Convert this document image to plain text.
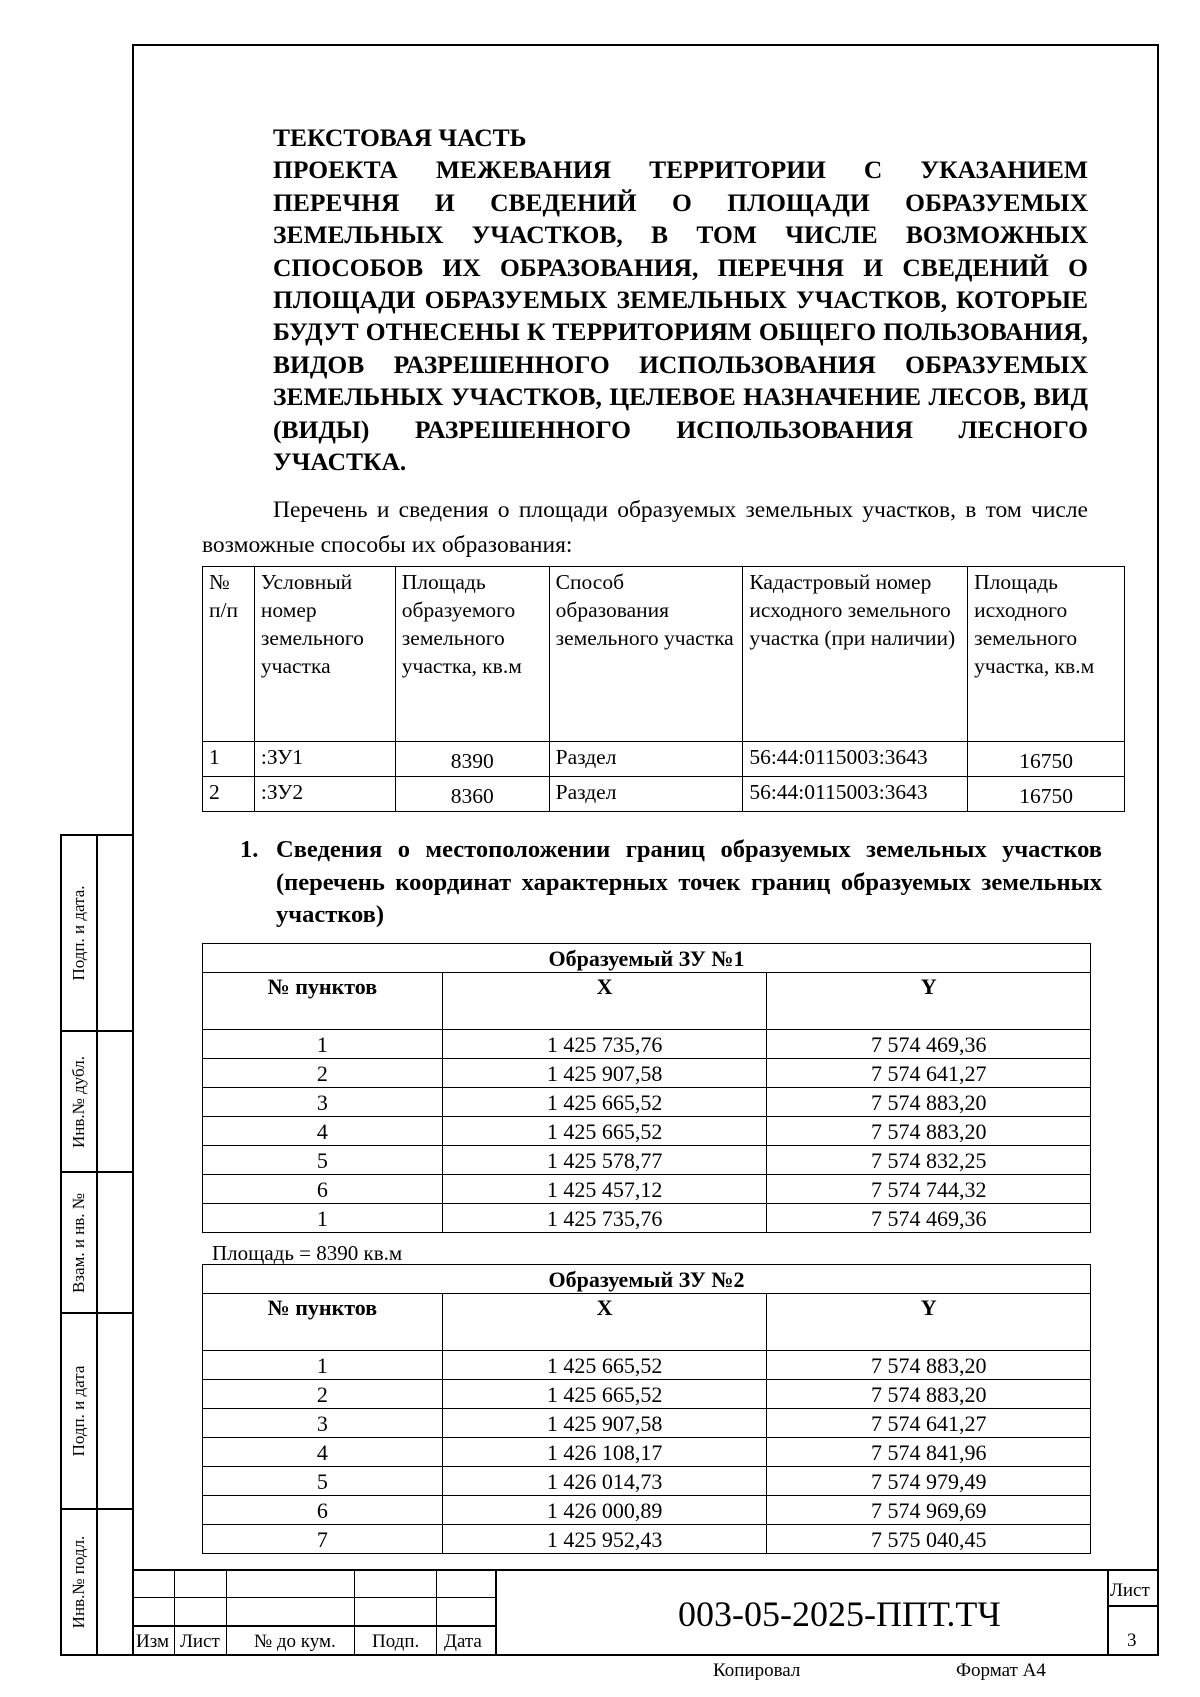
Подп. и дата.
Инв.№ дубл.
Взам. и нв. №
Подп. и дата
Инв.№ подл.
ТЕКСТОВАЯ ЧАСТЬ
ПРОЕКТА МЕЖЕВАНИЯ ТЕРРИТОРИИ С УКАЗАНИЕМ ПЕРЕЧНЯ И СВЕДЕНИЙ О ПЛОЩАДИ ОБРАЗУЕМЫХ ЗЕМЕЛЬНЫХ УЧАСТКОВ, В ТОМ ЧИСЛЕ ВОЗМОЖНЫХ СПОСОБОВ ИХ ОБРАЗОВАНИЯ, ПЕРЕЧНЯ И СВЕДЕНИЙ О ПЛОЩАДИ ОБРАЗУЕМЫХ ЗЕМЕЛЬНЫХ УЧАСТКОВ, КОТОРЫЕ БУДУТ ОТНЕСЕНЫ К ТЕРРИТОРИЯМ ОБЩЕГО ПОЛЬЗОВАНИЯ, ВИДОВ РАЗРЕШЕННОГО ИСПОЛЬЗОВАНИЯ ОБРАЗУЕМЫХ ЗЕМЕЛЬНЫХ УЧАСТКОВ, ЦЕЛЕВОЕ НАЗНАЧЕНИЕ ЛЕСОВ, ВИД (ВИДЫ) РАЗРЕШЕННОГО ИСПОЛЬЗОВАНИЯ ЛЕСНОГО УЧАСТКА.

Перечень и сведения о площади образуемых земельных участков, в том числе возможные способы их образования:

№ п/п	Условный номер земельного участка	Площадь образуемого земельного участка, кв.м	Способ образования земельного участка	Кадастровый номер исходного земельного участка (при наличии)	Площадь исходного земельного участка, кв.м
1	:ЗУ1	8390	Раздел	56:44:0115003:3643	16750
2	:ЗУ2	8360	Раздел	56:44:0115003:3643	16750
1. Сведения о местоположении границ образуемых земельных участков (перечень координат характерных точек границ образуемых земельных участков)
Образуемый ЗУ №1		
№ пунктов	X	Y
1	1 425 735,76	7 574 469,36
2	1 425 907,58	7 574 641,27
3	1 425 665,52	7 574 883,20
4	1 425 665,52	7 574 883,20
5	1 425 578,77	7 574 832,25
6	1 425 457,12	7 574 744,32
1	1 425 735,76	7 574 469,36
Площадь = 8390 кв.м
Образуемый ЗУ №2		
№ пунктов	X	Y
1	1 425 665,52	7 574 883,20
2	1 425 665,52	7 574 883,20
3	1 425 907,58	7 574 641,27
4	1 426 108,17	7 574 841,96
5	1 426 014,73	7 574 979,49
6	1 426 000,89	7 574 969,69
7	1 425 952,43	7 575 040,45
Изм Лист № до кум. Подп. Дата
003-05-2025-ППТ.ТЧ
Лист
3
Копировал	Формат А4
